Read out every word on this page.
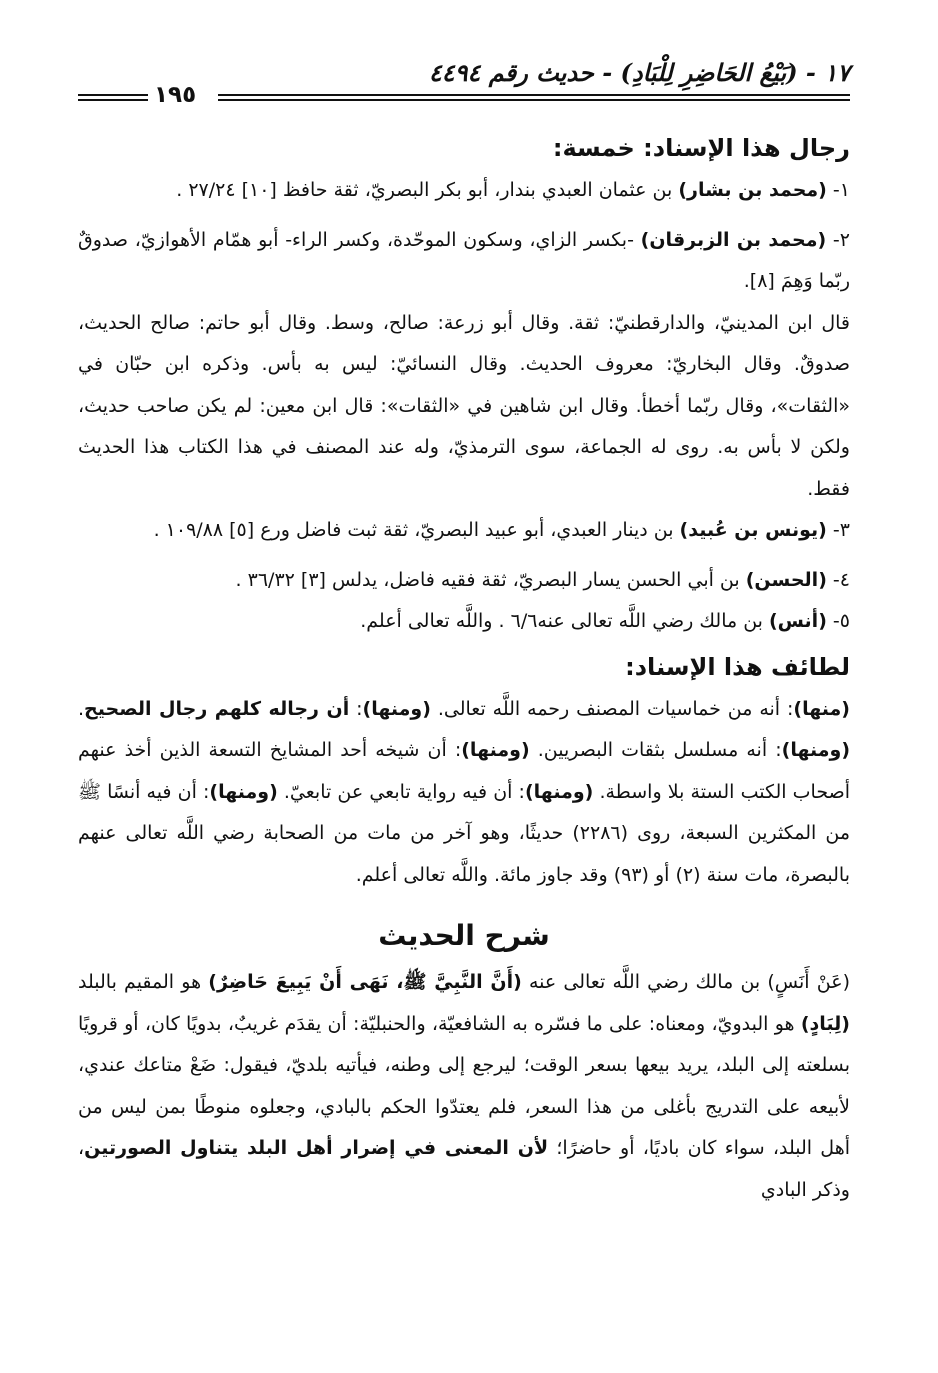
١٧ - (بَيْعُ الحَاضِرِ لِلْبَادِ) - حديث رقم ٤٤٩٤
١٩٥
رجال هذا الإسناد: خمسة:

١- (محمد بن بشار) بن عثمان العبدي بندار، أبو بكر البصريّ، ثقة حافظ [١٠] ٢٧/٢٤ .

٢- (محمد بن الزبرقان) -بكسر الزاي، وسكون الموحّدة، وكسر الراء- أبو همّام الأهوازيّ، صدوقٌ ربّما وَهِمَ [٨].

قال ابن المدينيّ، والدارقطنيّ: ثقة. وقال أبو زرعة: صالح، وسط. وقال أبو حاتم: صالح الحديث، صدوقٌ. وقال البخاريّ: معروف الحديث. وقال النسائيّ: ليس به بأس. وذكره ابن حبّان في «الثقات»، وقال ربّما أخطأ. وقال ابن شاهين في «الثقات»: قال ابن معين: لم يكن صاحب حديث، ولكن لا بأس به. روى له الجماعة، سوى الترمذيّ، وله عند المصنف في هذا الكتاب هذا الحديث فقط.

٣- (يونس بن عُبيد) بن دينار العبدي، أبو عبيد البصريّ، ثقة ثبت فاضل ورع [٥] ١٠٩/٨٨ .

٤- (الحسن) بن أبي الحسن يسار البصريّ، ثقة فقيه فاضل، يدلس [٣] ٣٦/٣٢ .

٥- (أنس) بن مالك رضي اللَّه تعالى عنه٦/٦ . واللَّه تعالى أعلم.

لطائف هذا الإسناد:

(منها): أنه من خماسيات المصنف رحمه اللَّه تعالى. (ومنها): أن رجاله كلهم رجال الصحيح. (ومنها): أنه مسلسل بثقات البصريين. (ومنها): أن شيخه أحد المشايخ التسعة الذين أخذ عنهم أصحاب الكتب الستة بلا واسطة. (ومنها): أن فيه رواية تابعي عن تابعيّ. (ومنها): أن فيه أنسًا ﷺ من المكثرين السبعة، روى (٢٢٨٦) حديثًا، وهو آخر من مات من الصحابة رضي اللَّه تعالى عنهم بالبصرة، مات سنة (٢) أو (٩٣) وقد جاوز مائة. واللَّه تعالى أعلم.

شرح الحديث

(عَنْ أَنَسٍ) بن مالك رضي اللَّه تعالى عنه (أَنَّ النَّبِيَّ ﷺ، نَهَى أَنْ يَبِيعَ حَاضِرٌ) هو المقيم بالبلد (لِبَادٍ) هو البدويّ، ومعناه: على ما فسّره به الشافعيّة، والحنبليّة: أن يقدَم غريبٌ، بدويًا كان، أو قرويًا بسلعته إلى البلد، يريد بيعها بسعر الوقت؛ ليرجع إلى وطنه، فيأتيه بلديّ، فيقول: ضَعْ متاعك عندي، لأبيعه على التدريج بأغلى من هذا السعر، فلم يعتدّوا الحكم بالبادي، وجعلوه منوطًا بمن ليس من أهل البلد، سواء كان باديًا، أو حاضرًا؛ لأن المعنى في إضرار أهل البلد يتناول الصورتين، وذكر البادي
